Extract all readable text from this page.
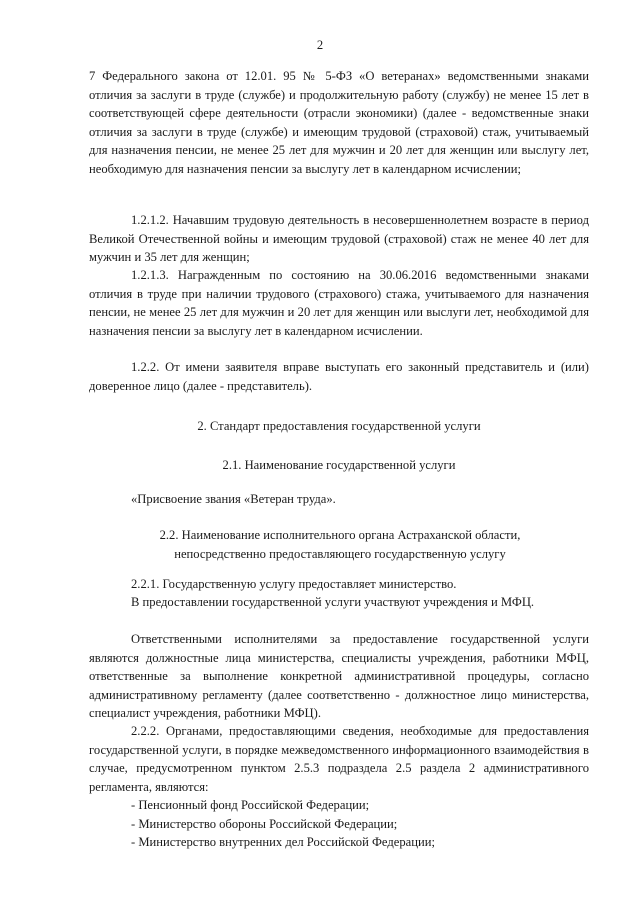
2

7 Федерального закона от 12.01. 95 № 5-ФЗ «О ветеранах» ведомственными знаками отличия за заслуги в труде (службе) и продолжительную работу (службу) не менее 15 лет в соответствующей сфере деятельности (отрасли экономики) (далее - ведомственные знаки отличия за заслуги в труде (службе) и имеющим трудовой (страховой) стаж, учитываемый для назначения пенсии, не менее 25 лет для мужчин и 20 лет для женщин или выслугу лет, необходимую для назначения пенсии за выслугу лет в календарном исчислении;

1.2.1.2. Начавшим трудовую деятельность в несовершеннолетнем возрасте в период Великой Отечественной войны и имеющим трудовой (страховой) стаж не менее 40 лет для мужчин и 35 лет для женщин;

1.2.1.3. Награжденным по состоянию на 30.06.2016 ведомственными знаками отличия в труде при наличии трудового (страхового) стажа, учитываемого для назначения пенсии, не менее 25 лет для мужчин и 20 лет для женщин или выслуги лет, необходимой для назначения пенсии за выслугу лет в календарном исчислении.

1.2.2. От имени заявителя вправе выступать его законный представитель и (или) доверенное лицо (далее - представитель).

2. Стандарт предоставления государственной услуги

2.1. Наименование государственной услуги

«Присвоение звания «Ветеран труда».

2.2. Наименование исполнительного органа Астраханской области, непосредственно предоставляющего государственную услугу

2.2.1. Государственную услугу предоставляет министерство.

В предоставлении государственной услуги участвуют учреждения и МФЦ.

Ответственными исполнителями за предоставление государственной услуги являются должностные лица министерства, специалисты учреждения, работники МФЦ, ответственные за выполнение конкретной административной процедуры, согласно административному регламенту (далее соответственно - должностное лицо министерства, специалист учреждения, работники МФЦ).

2.2.2. Органами, предоставляющими сведения, необходимые для предоставления государственной услуги, в порядке межведомственного информационного взаимодействия в случае, предусмотренном пунктом 2.5.3 подраздела 2.5 раздела 2 административного регламента, являются:

- Пенсионный фонд Российской Федерации;

- Министерство обороны Российской Федерации;

- Министерство внутренних дел Российской Федерации;
